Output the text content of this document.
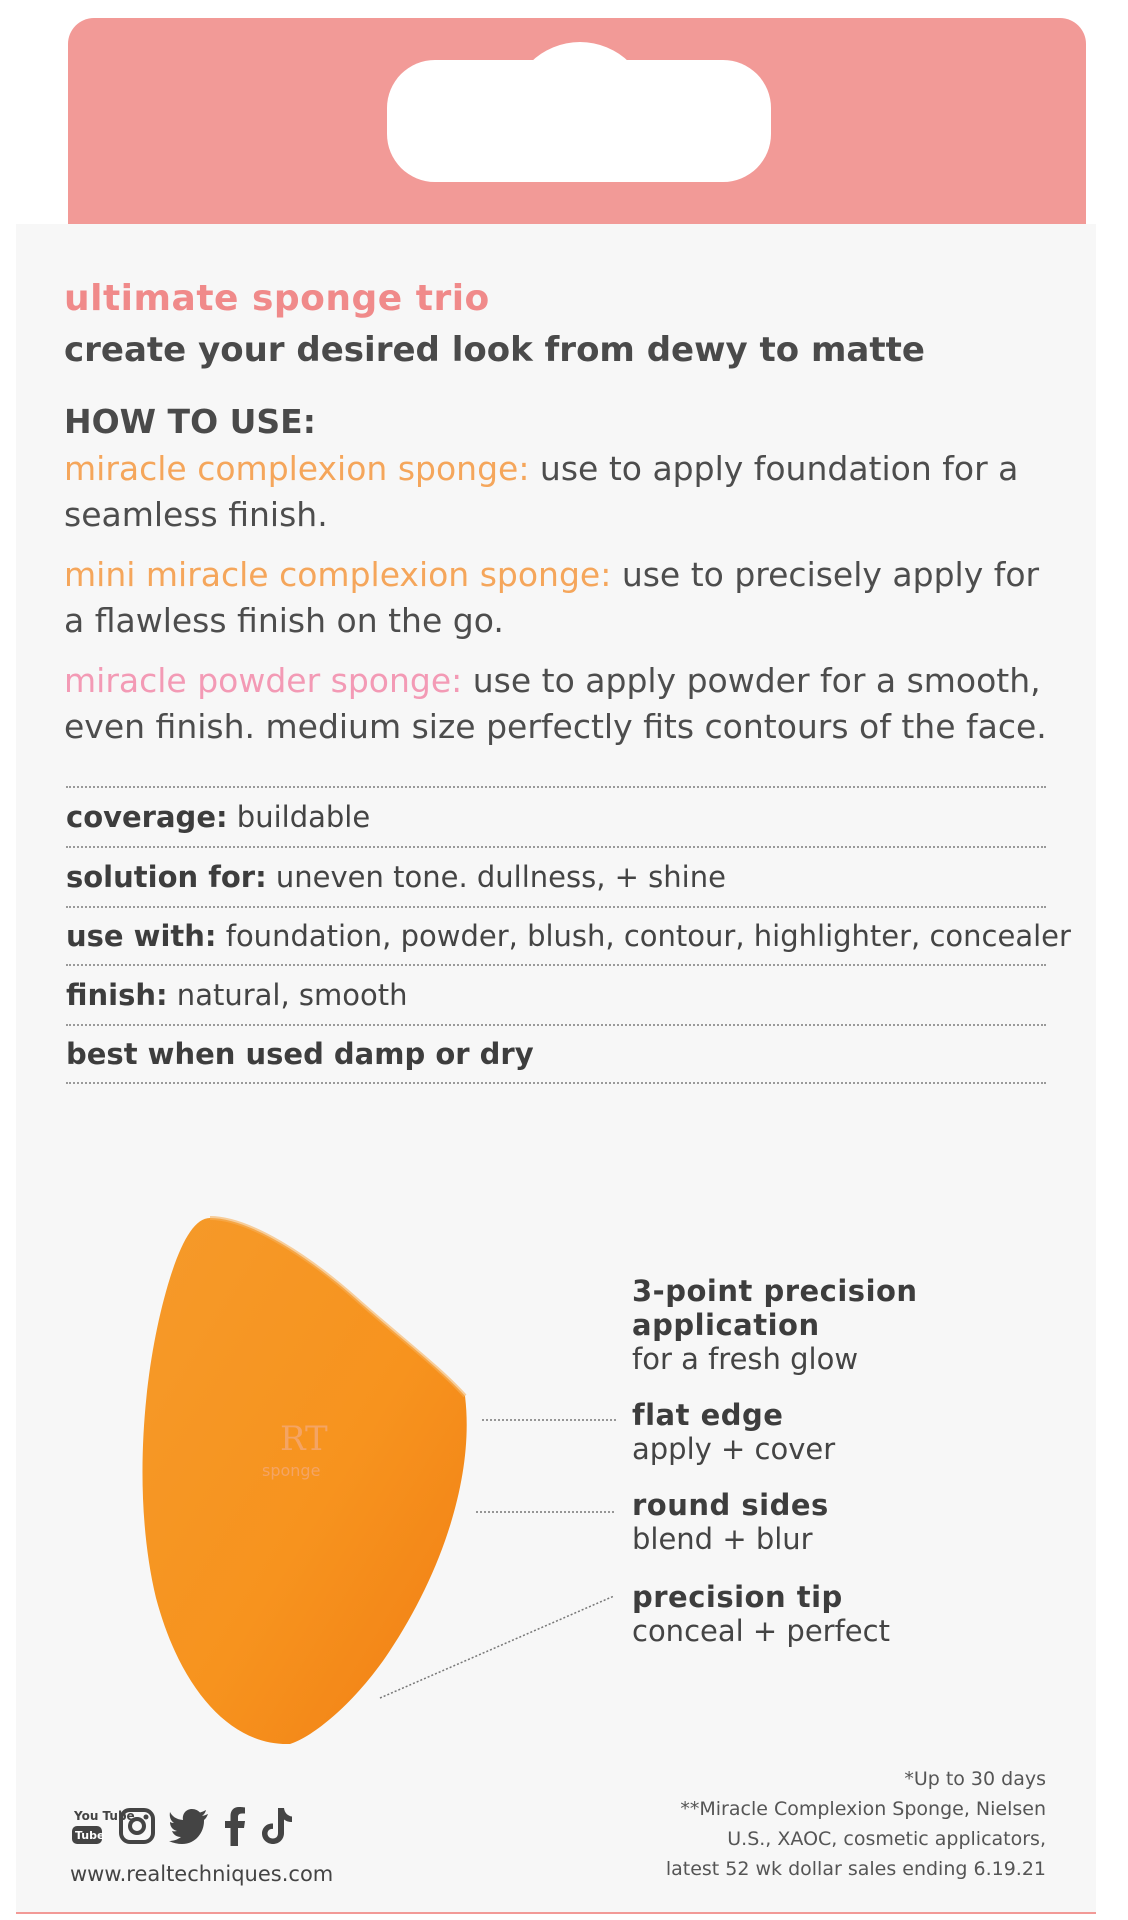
ultimate sponge trio
create your desired look from dewy to matte
HOW TO USE:
miracle complexion sponge: use to apply foundation for a seamless finish.
mini miracle complexion sponge: use to precisely apply for a flawless finish on the go.
miracle powder sponge: use to apply powder for a smooth, even finish. medium size perfectly fits contours of the face.
coverage: buildable
solution for: uneven tone. dullness, + shine
use with: foundation, powder, blush, contour, highlighter, concealer
finish: natural, smooth
best when used damp or dry
RT
sponge
3-point precision application
for a fresh glow
flat edge
apply + cover
round sides
blend + blur
precision tip
conceal + perfect
You Tube
Tube
www.realtechniques.com
*Up to 30 days
**Miracle Complexion Sponge, Nielsen
U.S., XAOC, cosmetic applicators,
latest 52 wk dollar sales ending 6.19.21
